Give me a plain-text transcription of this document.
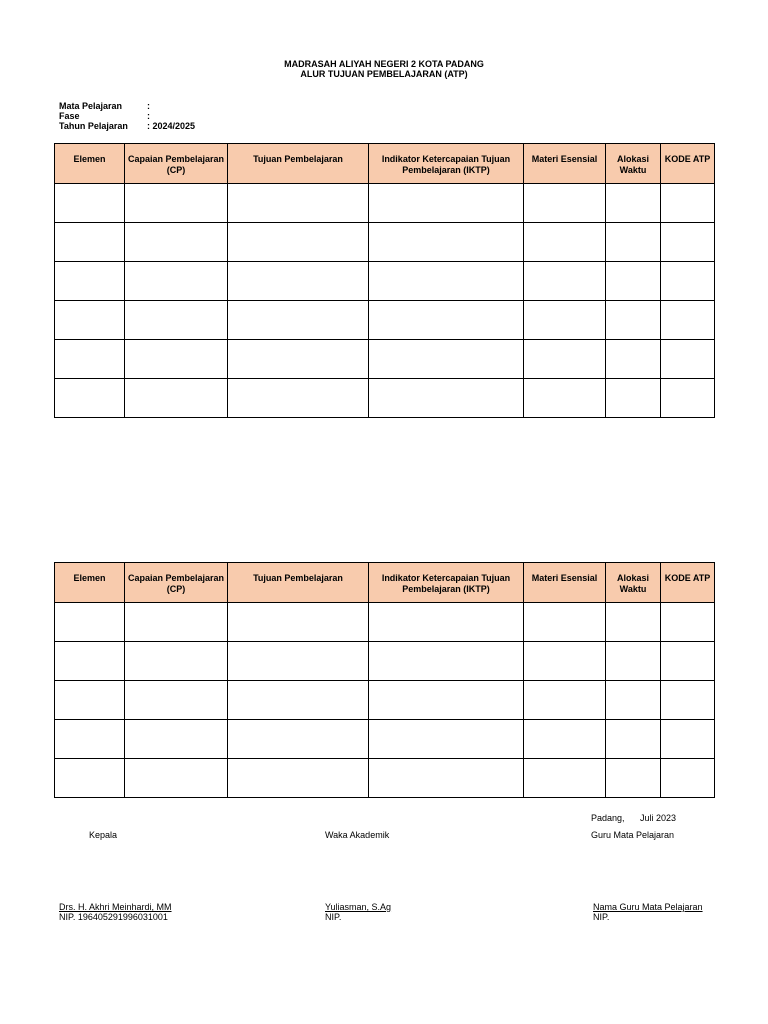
MADRASAH ALIYAH NEGERI 2 KOTA PADANG
ALUR TUJUAN PEMBELAJARAN (ATP)
Mata Pelajaran	:
Fase	:
Tahun Pelajaran	: 2024/2025
Elemen	Capaian Pembelajaran (CP)	Tujuan Pembelajaran	Indikator Ketercapaian Tujuan Pembelajaran (IKTP)	Materi Esensial	Alokasi Waktu	KODE ATP

Elemen	Capaian Pembelajaran (CP)	Tujuan Pembelajaran	Indikator Ketercapaian Tujuan Pembelajaran (IKTP)	Materi Esensial	Alokasi Waktu	KODE ATP

Padang, Juli 2023
Kepala	Waka Akademik	Guru Mata Pelajaran
Drs. H. Akhri Meinhardi, MM
NIP. 196405291996031001
Yuliasman, S.Ag
NIP.
Nama Guru Mata Pelajaran
NIP.
